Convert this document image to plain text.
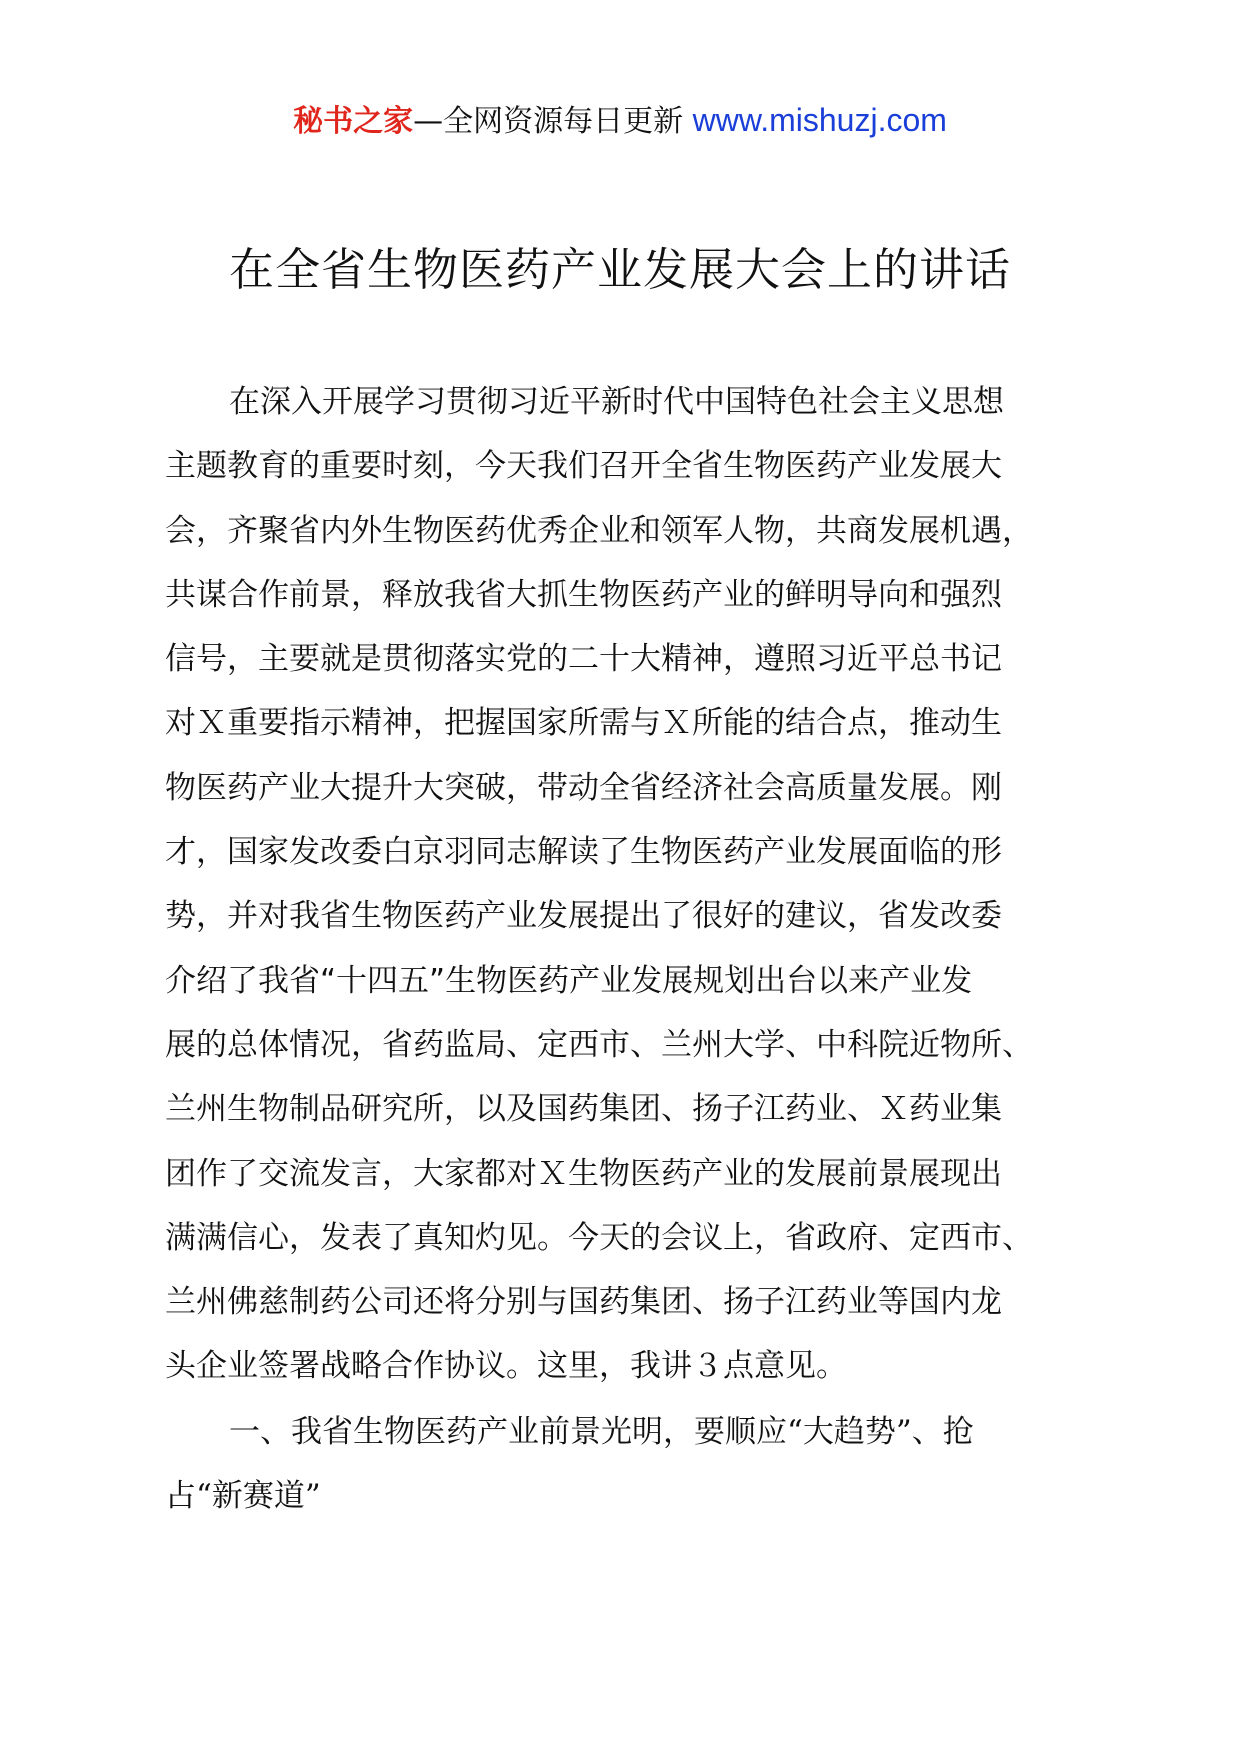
秘书之家—全网资源每日更新 www.mishuzj.com
在全省生物医药产业发展大会上的讲话
在深入开展学习贯彻习近平新时代中国特色社会主义思想
主题教育的重要时刻，今天我们召开全省生物医药产业发展大
会，齐聚省内外生物医药优秀企业和领军人物，共商发展机遇，
共谋合作前景，释放我省大抓生物医药产业的鲜明导向和强烈
信号，主要就是贯彻落实党的二十大精神，遵照习近平总书记
对Ｘ重要指示精神，把握国家所需与Ｘ所能的结合点，推动生
物医药产业大提升大突破，带动全省经济社会高质量发展。刚
才，国家发改委白京羽同志解读了生物医药产业发展面临的形
势，并对我省生物医药产业发展提出了很好的建议，省发改委
介绍了我省“十四五”生物医药产业发展规划出台以来产业发
展的总体情况，省药监局、定西市、兰州大学、中科院近物所、
兰州生物制品研究所，以及国药集团、扬子江药业、Ｘ药业集
团作了交流发言，大家都对Ｘ生物医药产业的发展前景展现出
满满信心，发表了真知灼见。今天的会议上，省政府、定西市、
兰州佛慈制药公司还将分别与国药集团、扬子江药业等国内龙
头企业签署战略合作协议。这里，我讲３点意见。
一、我省生物医药产业前景光明，要顺应“大趋势”、抢
占“新赛道”
